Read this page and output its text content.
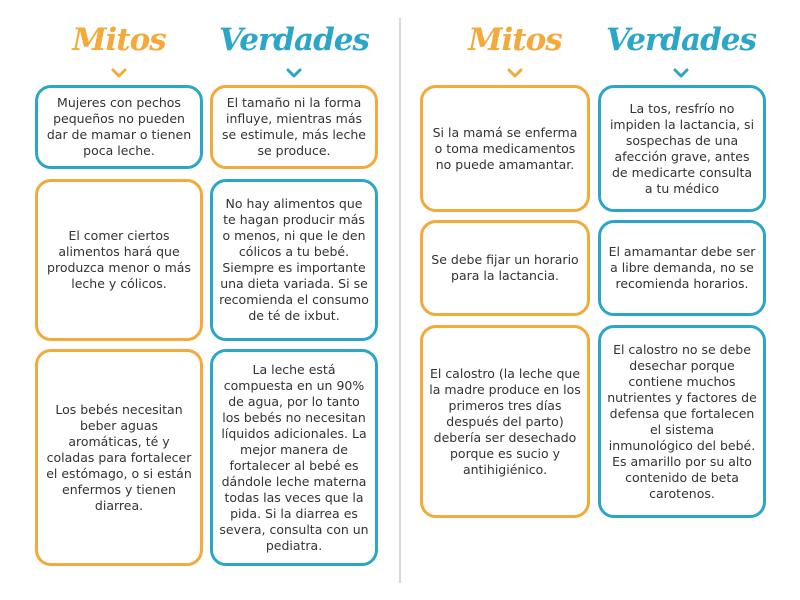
Mitos	Verdades
Mujeres con pechos pequeños no pueden dar de mamar o tienen poca leche.
El tamaño ni la forma influye, mientras más se estimule, más leche se produce.
El comer ciertos alimentos hará que produzca menor o más leche y cólicos.
No hay alimentos que te hagan producir más o menos, ni que le den cólicos a tu bebé. Siempre es importante una dieta variada. Si se recomienda el consumo de té de ixbut.
Los bebés necesitan beber aguas aromáticas, té y coladas para fortalecer el estómago, o si están enfermos y tienen diarrea.
La leche está compuesta en un 90% de agua, por lo tanto los bebés no necesitan líquidos adicionales. La mejor manera de fortalecer al bebé es dándole leche materna todas las veces que la pida. Si la diarrea es severa, consulta con un pediatra.
Mitos	Verdades
Si la mamá se enferma o toma medicamentos no puede amamantar.
La tos, resfrío no impiden la lactancia, si sospechas de una afección grave, antes de medicarte consulta a tu médico
Se debe fijar un horario para la lactancia.
El amamantar debe ser a libre demanda, no se recomienda horarios.
El calostro (la leche que la madre produce en los primeros tres días después del parto) debería ser desechado porque es sucio y antihigiénico.
El calostro no se debe desechar porque contiene muchos nutrientes y factores de defensa que fortalecen el sistema inmunológico del bebé. Es amarillo por su alto contenido de beta carotenos.
